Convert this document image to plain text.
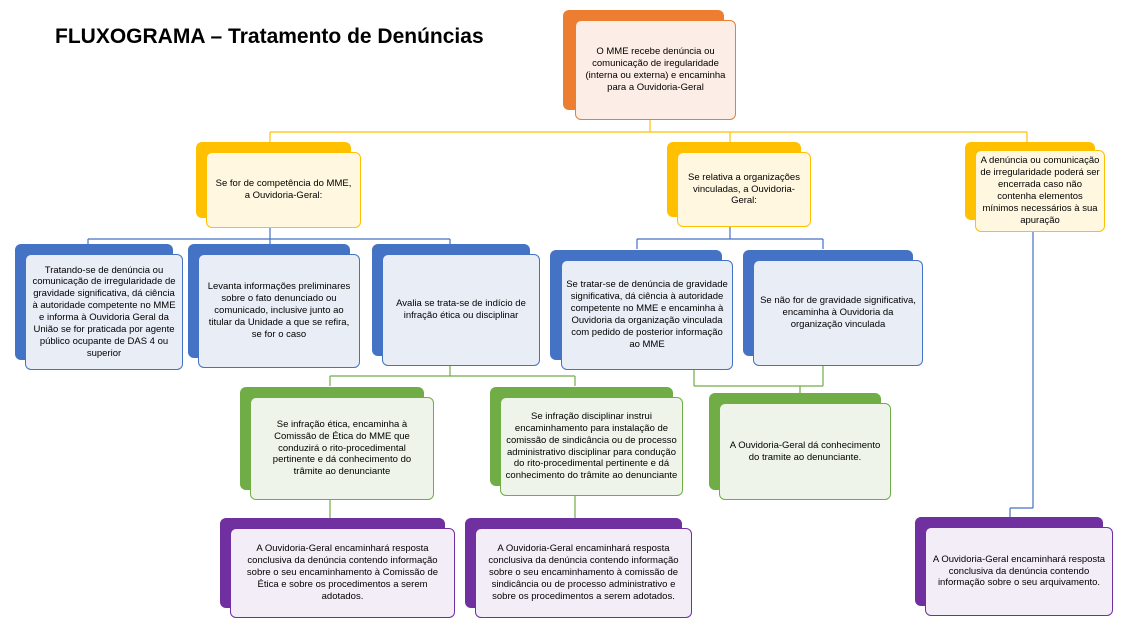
FLUXOGRAMA – Tratamento de Denúncias
O MME recebe denúncia ou comunicação de iregularidade (interna ou externa) e encaminha para a Ouvidoria-Geral
Se for de competência do MME, a Ouvidoria-Geral:
Se relativa a organizações vinculadas, a Ouvidoria-Geral:
A denúncia ou comunicação de irregularidade poderá ser encerrada caso não contenha elementos mínimos necessários à sua apuração
Tratando-se de denúncia ou comunicação de irregularidade de gravidade significativa, dá ciência à autoridade competente no MME e informa à Ouvidoria Geral da União se for praticada por agente público ocupante de DAS 4 ou superior
Levanta informações preliminares sobre o fato denunciado ou comunicado, inclusive junto ao titular da Unidade a que se refira, se for o caso
Avalia se trata-se de indício de infração ética ou disciplinar
Se tratar-se de denúncia de gravidade significativa, dá ciência à autoridade competente no MME e encaminha à Ouvidoria da organização vinculada com pedido de posterior informação ao MME
Se não for de gravidade significativa, encaminha à Ouvidoria da organização vinculada
Se infração ética, encaminha à Comissão de Ética do MME que conduzirá o rito-procedimental pertinente e dá conhecimento do trâmite ao denunciante
Se infração disciplinar instrui encaminhamento para instalação de comissão de sindicância ou de processo administrativo disciplinar para condução do rito-procedimental pertinente e dá conhecimento do trâmite ao denunciante
A Ouvidoria-Geral dá conhecimento do tramite ao denunciante.
A Ouvidoria-Geral encaminhará resposta conclusiva da denúncia contendo informação sobre o seu encaminhamento à Comissão de Ética e sobre os procedimentos a serem adotados.
A Ouvidoria-Geral encaminhará resposta conclusiva da denúncia contendo informação sobre o seu encaminhamento à comissão de sindicância ou de processo administrativo e sobre os procedimentos a serem adotados.
A Ouvidoria-Geral encaminhará resposta conclusiva da denúncia contendo informação sobre o seu arquivamento.
